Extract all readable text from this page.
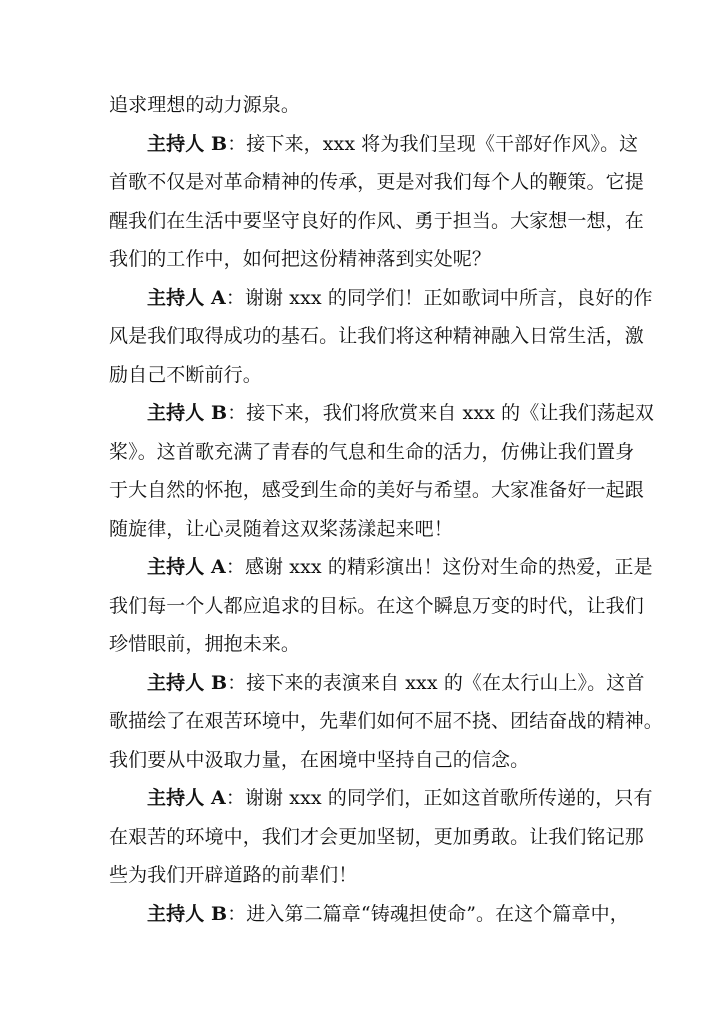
追求理想的动力源泉。
主持人 B：接下来，xxx 将为我们呈现《干部好作风》。这
首歌不仅是对革命精神的传承，更是对我们每个人的鞭策。它提
醒我们在生活中要坚守良好的作风、勇于担当。大家想一想，在
我们的工作中，如何把这份精神落到实处呢？
主持人 A：谢谢 xxx 的同学们！正如歌词中所言，良好的作
风是我们取得成功的基石。让我们将这种精神融入日常生活，激
励自己不断前行。
主持人 B：接下来，我们将欣赏来自 xxx 的《让我们荡起双
桨》。这首歌充满了青春的气息和生命的活力，仿佛让我们置身
于大自然的怀抱，感受到生命的美好与希望。大家准备好一起跟
随旋律，让心灵随着这双桨荡漾起来吧！
主持人 A：感谢 xxx 的精彩演出！这份对生命的热爱，正是
我们每一个人都应追求的目标。在这个瞬息万变的时代，让我们
珍惜眼前，拥抱未来。
主持人 B：接下来的表演来自 xxx 的《在太行山上》。这首
歌描绘了在艰苦环境中，先辈们如何不屈不挠、团结奋战的精神。
我们要从中汲取力量，在困境中坚持自己的信念。
主持人 A：谢谢 xxx 的同学们，正如这首歌所传递的，只有
在艰苦的环境中，我们才会更加坚韧，更加勇敢。让我们铭记那
些为我们开辟道路的前辈们！
主持人 B：进入第二篇章“铸魂担使命”。在这个篇章中，
